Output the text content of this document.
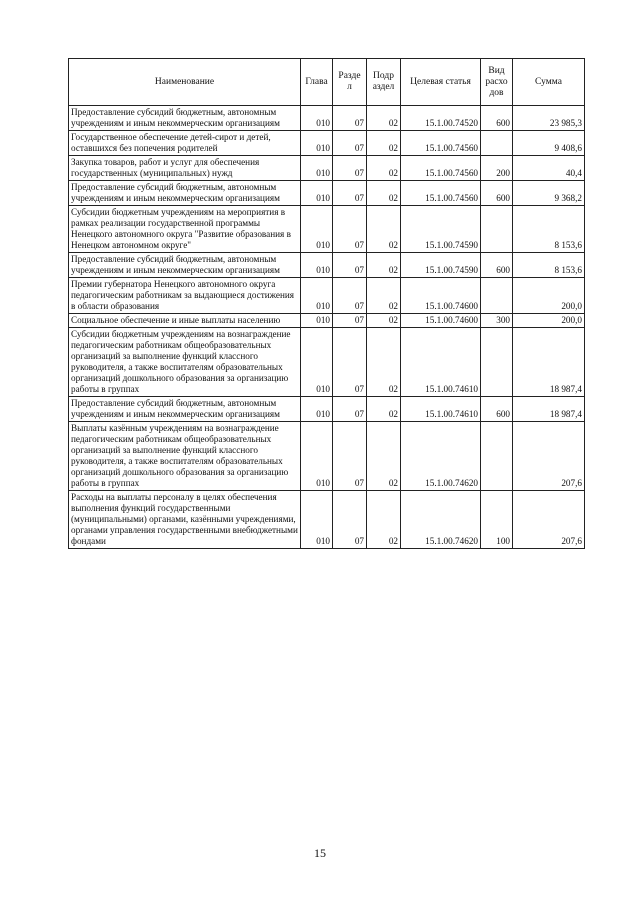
Наименование	Глава	Разде л	Подр аздел	Целевая статья	Вид расхо дов	Сумма
Предоставление субсидий бюджетным, автономным учреждениям и иным некоммерческим организациям	010	07	02	15.1.00.74520	600	23 985,3
Государственное обеспечение детей-сирот и детей, оставшихся без попечения родителей	010	07	02	15.1.00.74560		9 408,6
Закупка товаров, работ и услуг для обеспечения государственных (муниципальных) нужд	010	07	02	15.1.00.74560	200	40,4
Предоставление субсидий бюджетным, автономным учреждениям и иным некоммерческим организациям	010	07	02	15.1.00.74560	600	9 368,2
Субсидии бюджетным учреждениям на мероприятия в рамках реализации государственной программы Ненецкого автономного округа "Развитие образования в Ненецком автономном округе"	010	07	02	15.1.00.74590		8 153,6
Предоставление субсидий бюджетным, автономным учреждениям и иным некоммерческим организациям	010	07	02	15.1.00.74590	600	8 153,6
Премии губернатора Ненецкого автономного округа педагогическим работникам за выдающиеся достижения в области образования	010	07	02	15.1.00.74600		200,0
Социальное обеспечение и иные выплаты населению	010	07	02	15.1.00.74600	300	200,0
Субсидии бюджетным учреждениям на вознаграждение педагогическим работникам общеобразовательных организаций за выполнение функций классного руководителя, а также воспитателям образовательных организаций дошкольного образования за организацию работы в группах	010	07	02	15.1.00.74610		18 987,4
Предоставление субсидий бюджетным, автономным учреждениям и иным некоммерческим организациям	010	07	02	15.1.00.74610	600	18 987,4
Выплаты казённым учреждениям на вознаграждение педагогическим работникам общеобразовательных организаций за выполнение функций классного руководителя, а также воспитателям образовательных организаций дошкольного образования за организацию работы в группах	010	07	02	15.1.00.74620		207,6
Расходы на выплаты персоналу в целях обеспечения выполнения функций государственными (муниципальными) органами, казёнными учреждениями, органами управления государственными внебюджетными фондами	010	07	02	15.1.00.74620	100	207,6
15
